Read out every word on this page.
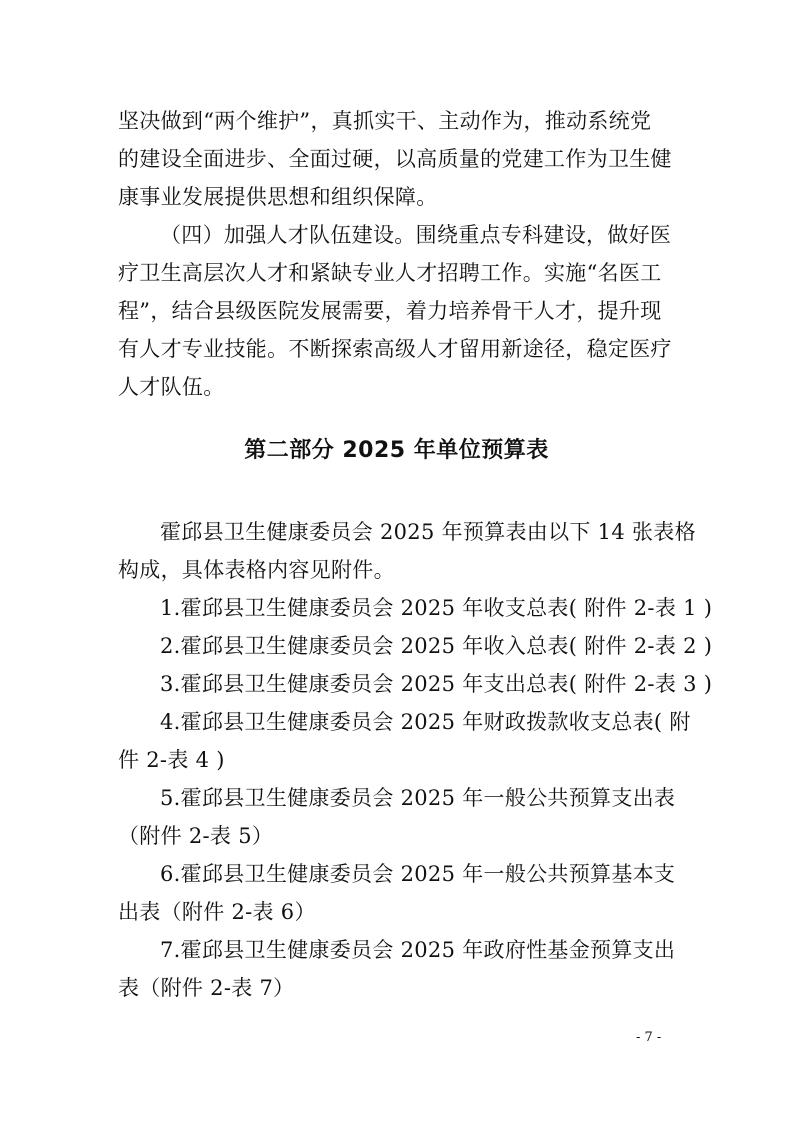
坚决做到“两个维护”，真抓实干、主动作为，推动系统党
的建设全面进步、全面过硬，以高质量的党建工作为卫生健
康事业发展提供思想和组织保障。
（四）加强人才队伍建设。围绕重点专科建设，做好医
疗卫生高层次人才和紧缺专业人才招聘工作。实施“名医工
程”，结合县级医院发展需要，着力培养骨干人才，提升现
有人才专业技能。不断探索高级人才留用新途径，稳定医疗
人才队伍。
第二部分 2025 年单位预算表
霍邱县卫生健康委员会 2025 年预算表由以下 14 张表格
构成，具体表格内容见附件。
1.霍邱县卫生健康委员会 2025 年收支总表( 附件 2-表 1 )
2.霍邱县卫生健康委员会 2025 年收入总表( 附件 2-表 2 )
3.霍邱县卫生健康委员会 2025 年支出总表( 附件 2-表 3 )
4.霍邱县卫生健康委员会 2025 年财政拨款收支总表( 附
件 2-表 4 )
5.霍邱县卫生健康委员会 2025 年一般公共预算支出表
（附件 2-表 5）
6.霍邱县卫生健康委员会 2025 年一般公共预算基本支
出表（附件 2-表 6）
7.霍邱县卫生健康委员会 2025 年政府性基金预算支出
表（附件 2-表 7）
- 7 -
